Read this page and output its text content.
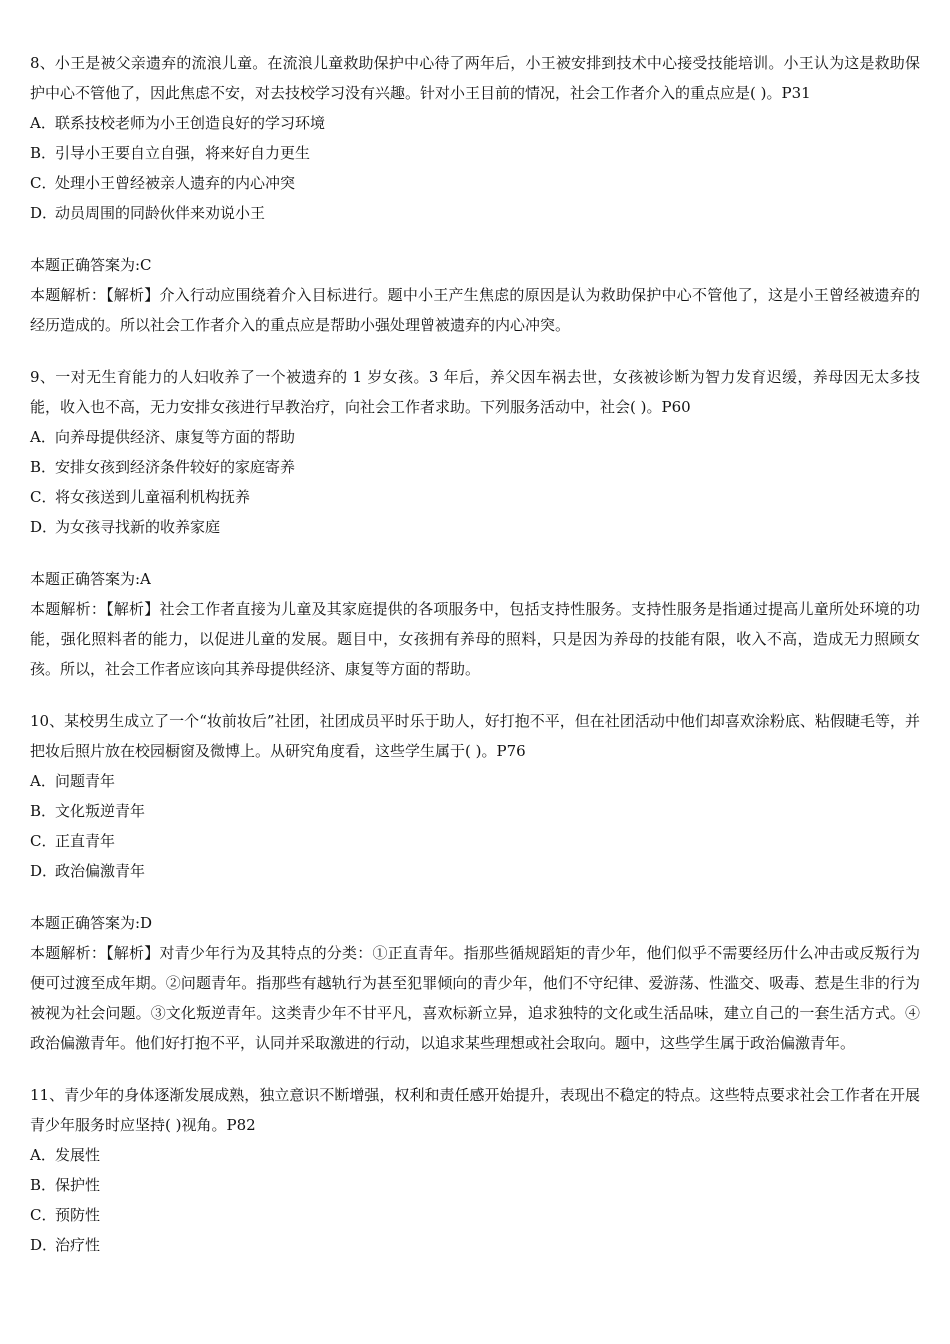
8、小王是被父亲遗弃的流浪儿童。在流浪儿童救助保护中心待了两年后，小王被安排到技术中心接受技能培训。小王认为这是救助保护中心不管他了，因此焦虑不安，对去技校学习没有兴趣。针对小王目前的情况，社会工作者介入的重点应是( )。P31

A．联系技校老师为小王创造良好的学习环境

B．引导小王要自立自强，将来好自力更生

C．处理小王曾经被亲人遗弃的内心冲突

D．动员周围的同龄伙伴来劝说小王

本题正确答案为:C

本题解析：【解析】介入行动应围绕着介入目标进行。题中小王产生焦虑的原因是认为救助保护中心不管他了，这是小王曾经被遗弃的经历造成的。所以社会工作者介入的重点应是帮助小强处理曾被遗弃的内心冲突。

9、一对无生育能力的人妇收养了一个被遗弃的 1 岁女孩。3 年后，养父因车祸去世，女孩被诊断为智力发育迟缓，养母因无太多技能，收入也不高，无力安排女孩进行早教治疗，向社会工作者求助。下列服务活动中，社会( )。P60

A．向养母提供经济、康复等方面的帮助

B．安排女孩到经济条件较好的家庭寄养

C．将女孩送到儿童福利机构抚养

D．为女孩寻找新的收养家庭

本题正确答案为:A

本题解析：【解析】社会工作者直接为儿童及其家庭提供的各项服务中，包括支持性服务。支持性服务是指通过提高儿童所处环境的功能，强化照料者的能力，以促进儿童的发展。题目中，女孩拥有养母的照料，只是因为养母的技能有限，收入不高，造成无力照顾女孩。所以，社会工作者应该向其养母提供经济、康复等方面的帮助。

10、某校男生成立了一个“妆前妆后”社团，社团成员平时乐于助人，好打抱不平，但在社团活动中他们却喜欢涂粉底、粘假睫毛等，并把妆后照片放在校园橱窗及微博上。从研究角度看，这些学生属于( )。P76

A．问题青年

B．文化叛逆青年

C．正直青年

D．政治偏激青年

本题正确答案为:D

本题解析：【解析】对青少年行为及其特点的分类：①正直青年。指那些循规蹈矩的青少年，他们似乎不需要经历什么冲击或反叛行为便可过渡至成年期。②问题青年。指那些有越轨行为甚至犯罪倾向的青少年，他们不守纪律、爱游荡、性滥交、吸毒、惹是生非的行为被视为社会问题。③文化叛逆青年。这类青少年不甘平凡，喜欢标新立异，追求独特的文化或生活品味，建立自己的一套生活方式。④政治偏激青年。他们好打抱不平，认同并采取激进的行动，以追求某些理想或社会取向。题中，这些学生属于政治偏激青年。

11、青少年的身体逐渐发展成熟，独立意识不断增强，权利和责任感开始提升，表现出不稳定的特点。这些特点要求社会工作者在开展青少年服务时应坚持( )视角。P82

A．发展性

B．保护性

C．预防性

D．治疗性
